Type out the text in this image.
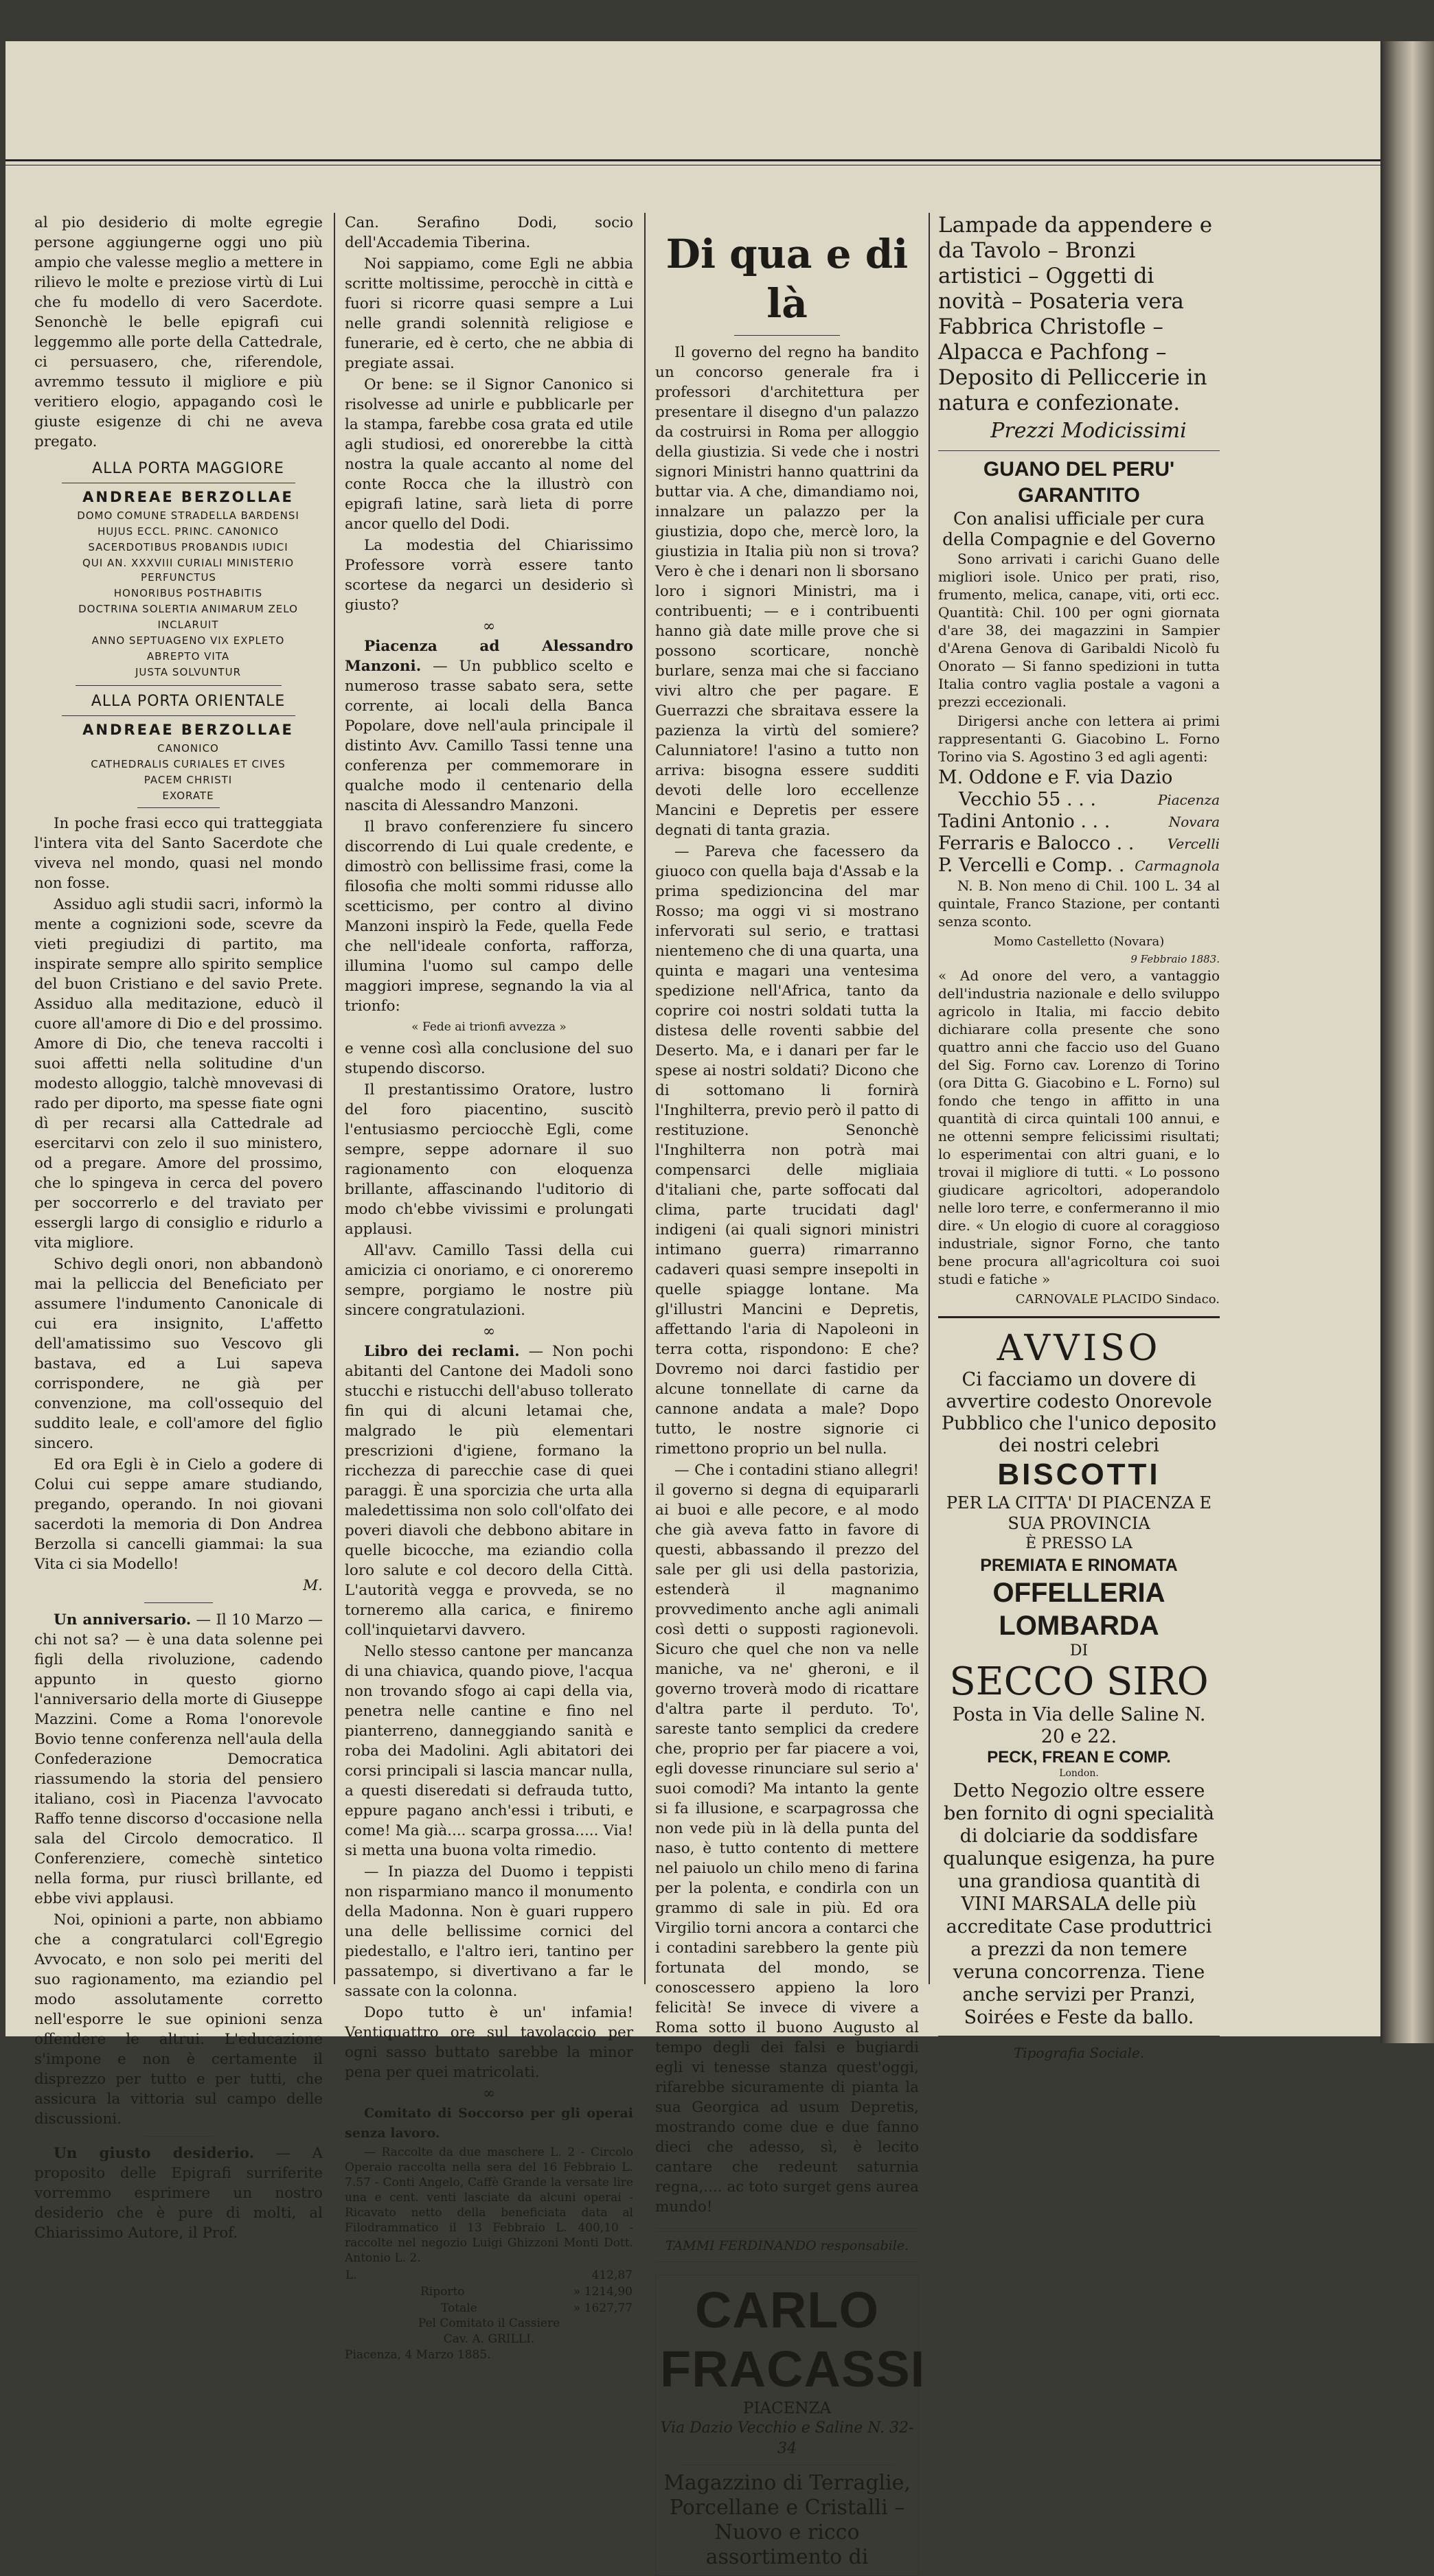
al pio desiderio di molte egregie persone aggiungerne oggi uno più ampio che valesse meglio a mettere in rilievo le molte e preziose virtù di Lui che fu modello di vero Sacerdote. Senonchè le belle epigrafi cui leggemmo alle porte della Cattedrale, ci persuasero, che, riferendole, avremmo tessuto il migliore e più veritiero elogio, appagando così le giuste esigenze di chi ne aveva pregato.

ALLA PORTA MAGGIORE

ANDREAE BERZOLLAE

DOMO COMUNE STRADELLA BARDENSI

HUJUS ECCL. PRINC. CANONICO

SACERDOTIBUS PROBANDIS IUDICI

QUI AN. XXXVIII CURIALI MINISTERIO PERFUNCTUS

HONORIBUS POSTHABITIS

DOCTRINA SOLERTIA ANIMARUM ZELO

INCLARUIT

ANNO SEPTUAGENO VIX EXPLETO

ABREPTO VITA

JUSTA SOLVUNTUR

ALLA PORTA ORIENTALE

ANDREAE BERZOLLAE

CANONICO

CATHEDRALIS CURIALES ET CIVES

PACEM CHRISTI

EXORATE

In poche frasi ecco qui tratteggiata l'intera vita del Santo Sacerdote che viveva nel mondo, quasi nel mondo non fosse.

Assiduo agli studii sacri, informò la mente a cognizioni sode, scevre da vieti pregiudizi di partito, ma inspirate sempre allo spirito semplice del buon Cristiano e del savio Prete. Assiduo alla meditazione, educò il cuore all'amore di Dio e del prossimo. Amore di Dio, che teneva raccolti i suoi affetti nella solitudine d'un modesto alloggio, talchè mnovevasi di rado per diporto, ma spesse fiate ogni dì per recarsi alla Cattedrale ad esercitarvi con zelo il suo ministero, od a pregare. Amore del prossimo, che lo spingeva in cerca del povero per soccorrerlo e del traviato per essergli largo di consiglio e ridurlo a vita migliore.

Schivo degli onori, non abbandonò mai la pelliccia del Beneficiato per assumere l'indumento Canonicale di cui era insignito, L'affetto dell'amatissimo suo Vescovo gli bastava, ed a Lui sapeva corrispondere, ne già per convenzione, ma coll'ossequio del suddito leale, e coll'amore del figlio sincero.

Ed ora Egli è in Cielo a godere di Colui cui seppe amare studiando, pregando, operando. In noi giovani sacerdoti la memoria di Don Andrea Berzolla si cancelli giammai: la sua Vita ci sia Modello!

M.

Un anniversario. — Il 10 Marzo — chi not sa? — è una data solenne pei figli della rivoluzione, cadendo appunto in questo giorno l'anniversario della morte di Giuseppe Mazzini. Come a Roma l'onorevole Bovio tenne conferenza nell'aula della Confederazione Democratica riassumendo la storia del pensiero italiano, così in Piacenza l'avvocato Raffo tenne discorso d'occasione nella sala del Circolo democratico. Il Conferenziere, comechè sintetico nella forma, pur riuscì brillante, ed ebbe vivi applausi.

Noi, opinioni a parte, non abbiamo che a congratularci coll'Egregio Avvocato, e non solo pei meriti del suo ragionamento, ma eziandio pel modo assolutamente corretto nell'esporre le sue opinioni senza offendere le altrui. L'educazione s'impone e non è certamente il disprezzo per tutto e per tutti, che assicura la vittoria sul campo delle discussioni.

Un giusto desiderio. — A proposito delle Epigrafi surriferite vorremmo esprimere un nostro desiderio che è pure di molti, al Chiarissimo Autore, il Prof.

Can. Serafino Dodi, socio dell'Accademia Tiberina.

Noi sappiamo, come Egli ne abbia scritte moltissime, perocchè in città e fuori si ricorre quasi sempre a Lui nelle grandi solennità religiose e funerarie, ed è certo, che ne abbia di pregiate assai.

Or bene: se il Signor Canonico si risolvesse ad unirle e pubblicarle per la stampa, farebbe cosa grata ed utile agli studiosi, ed onorerebbe la città nostra la quale accanto al nome del conte Rocca che la illustrò con epigrafi latine, sarà lieta di porre ancor quello del Dodi.

La modestia del Chiarissimo Professore vorrà essere tanto scortese da negarci un desiderio sì giusto?

∞

Piacenza ad Alessandro Manzoni. — Un pubblico scelto e numeroso trasse sabato sera, sette corrente, ai locali della Banca Popolare, dove nell'aula principale il distinto Avv. Camillo Tassi tenne una conferenza per commemorare in qualche modo il centenario della nascita di Alessandro Manzoni.

Il bravo conferenziere fu sincero discorrendo di Lui quale credente, e dimostrò con bellissime frasi, come la filosofia che molti sommi ridusse allo scetticismo, per contro al divino Manzoni inspirò la Fede, quella Fede che nell'ideale conforta, rafforza, illumina l'uomo sul campo delle maggiori imprese, segnando la via al trionfo:

« Fede ai trionfi avvezza »

e venne così alla conclusione del suo stupendo discorso.

Il prestantissimo Oratore, lustro del foro piacentino, suscitò l'entusiasmo perciocchè Egli, come sempre, seppe adornare il suo ragionamento con eloquenza brillante, affascinando l'uditorio di modo ch'ebbe vivissimi e prolungati applausi.

All'avv. Camillo Tassi della cui amicizia ci onoriamo, e ci onoreremo sempre, porgiamo le nostre più sincere congratulazioni.

∞

Libro dei reclami. — Non pochi abitanti del Cantone dei Madoli sono stucchi e ristucchi dell'abuso tollerato fin qui di alcuni letamai che, malgrado le più elementari prescrizioni d'igiene, formano la ricchezza di parecchie case di quei paraggi. È una sporcizia che urta alla maledettissima non solo coll'olfato dei poveri diavoli che debbono abitare in quelle bicocche, ma eziandio colla loro salute e col decoro della Città. L'autorità vegga e provveda, se no torneremo alla carica, e finiremo coll'inquietarvi davvero.

Nello stesso cantone per mancanza di una chiavica, quando piove, l'acqua non trovando sfogo ai capi della via, penetra nelle cantine e fino nel pianterreno, danneggiando sanità e roba dei Madolini. Agli abitatori dei corsi principali si lascia mancar nulla, a questi diseredati si defrauda tutto, eppure pagano anch'essi i tributi, e come! Ma già.... scarpa grossa..... Via! si metta una buona volta rimedio.

— In piazza del Duomo i teppisti non risparmiano manco il monumento della Madonna. Non è guari ruppero una delle bellissime cornici del piedestallo, e l'altro ieri, tantino per passatempo, si divertivano a far le sassate con la colonna.

Dopo tutto è un' infamia! Ventiquattro ore sul tavolaccio per ogni sasso buttato sarebbe la minor pena per quei matricolati.

∞

Comitato di Soccorso per gli operai senza lavoro.

— Raccolte da due maschere L. 2 - Circolo Operaio raccolta nella sera del 16 Febbraio L. 7.57 - Conti Angelo, Caffè Grande la versate lire una e cent. venti lasciate da alcuni operai - Ricavato netto della beneficiata data al Filodrammatico il 13 Febbraio L. 400,10 - raccolte nel negozio Luigi Ghizzoni Monti Dott. Antonio L. 2.

L.	412,87
Riporto	» 1214,90
Totale	» 1627,77

Pel Comitato il Cassiere

Cav. A. GRILLI.

Piacenza, 4 Marzo 1885.

Di qua e di là

Il governo del regno ha bandito un concorso generale fra i professori d'architettura per presentare il disegno d'un palazzo da costruirsi in Roma per alloggio della giustizia. Si vede che i nostri signori Ministri hanno quattrini da buttar via. A che, dimandiamo noi, innalzare un palazzo per la giustizia, dopo che, mercè loro, la giustizia in Italia più non si trova? Vero è che i denari non li sborsano loro i signori Ministri, ma i contribuenti; — e i contribuenti hanno già date mille prove che si possono scorticare, nonchè burlare, senza mai che si facciano vivi altro che per pagare. E Guerrazzi che sbraitava essere la pazienza la virtù del somiere? Calunniatore! l'asino a tutto non arriva: bisogna essere sudditi devoti delle loro eccellenze Mancini e Depretis per essere degnati di tanta grazia.

— Pareva che facessero da giuoco con quella baja d'Assab e la prima spedizioncina del mar Rosso; ma oggi vi si mostrano infervorati sul serio, e trattasi nientemeno che di una quarta, una quinta e magari una ventesima spedizione nell'Africa, tanto da coprire coi nostri soldati tutta la distesa delle roventi sabbie del Deserto. Ma, e i danari per far le spese ai nostri soldati? Dicono che di sottomano li fornirà l'Inghilterra, previo però il patto di restituzione. Senonchè l'Inghilterra non potrà mai compensarci delle migliaia d'italiani che, parte soffocati dal clima, parte trucidati dagl' indigeni (ai quali signori ministri intimano guerra) rimarranno cadaveri quasi sempre insepolti in quelle spiagge lontane. Ma gl'illustri Mancini e Depretis, affettando l'aria di Napoleoni in terra cotta, rispondono: E che? Dovremo noi darci fastidio per alcune tonnellate di carne da cannone andata a male? Dopo tutto, le nostre signorie ci rimettono proprio un bel nulla.

— Che i contadini stiano allegri! il governo si degna di equipararli ai buoi e alle pecore, e al modo che già aveva fatto in favore di questi, abbassando il prezzo del sale per gli usi della pastorizia, estenderà il magnanimo provvedimento anche agli animali così detti o supposti ragionevoli. Sicuro che quel che non va nelle maniche, va ne' gheroni, e il governo troverà modo di ricattare d'altra parte il perduto. To', sareste tanto semplici da credere che, proprio per far piacere a voi, egli dovesse rinunciare sul serio a' suoi comodi? Ma intanto la gente si fa illusione, e scarpagrossa che non vede più in là della punta del naso, è tutto contento di mettere nel paiuolo un chilo meno di farina per la polenta, e condirla con un grammo di sale in più. Ed ora Virgilio torni ancora a contarci che i contadini sarebbero la gente più fortunata del mondo, se conoscessero appieno la loro felicità! Se invece di vivere a Roma sotto il buono Augusto al tempo degli dei falsi e bugiardi egli vi tenesse stanza quest'oggi, rifarebbe sicuramente di pianta la sua Georgica ad usum Depretis, mostrando come due e due fanno dieci che adesso, sì, è lecito cantare che redeunt saturnia regna,.... ac toto surget gens aurea mundo!

TAMMI FERDINANDO responsabile.

CARLO FRACASSI
PIACENZA
Via Dazio Vecchio e Saline N. 32-34
Magazzino di Terraglie, Porcellane e Cristalli – Nuovo e ricco assortimento di

Lampade da appendere e da Tavolo – Bronzi artistici – Oggetti di novità – Posateria vera Fabbrica Christofle – Alpacca e Pachfong – Deposito di Pelliccerie in natura e confezionate.

Prezzi Modicissimi

GUANO DEL PERU' GARANTITO
Con analisi ufficiale per cura della Compagnie e del Governo

Sono arrivati i carichi Guano delle migliori isole. Unico per prati, riso, frumento, melica, canape, viti, orti ecc. Quantità: Chil. 100 per ogni giornata d'are 38, dei magazzini in Sampier d'Arena Genova di Garibaldi Nicolò fu Onorato — Si fanno spedizioni in tutta Italia contro vaglia postale a vagoni a prezzi eccezionali.

Dirigersi anche con lettera ai primi rappresentanti G. Giacobino L. Forno Torino via S. Agostino 3 ed agli agenti:

M. Oddone e F. via Dazio	
Vecchio 55 . . .	Piacenza
Tadini Antonio . . .	Novara
Ferraris e Balocco . .	Vercelli
P. Vercelli e Comp. .	Carmagnola

N. B. Non meno di Chil. 100 L. 34 al quintale, Franco Stazione, per contanti senza sconto.

Momo Castelletto (Novara)

9 Febbraio 1883.

« Ad onore del vero, a vantaggio dell'industria nazionale e dello sviluppo agricolo in Italia, mi faccio debito dichiarare colla presente che sono quattro anni che faccio uso del Guano del Sig. Forno cav. Lorenzo di Torino (ora Ditta G. Giacobino e L. Forno) sul fondo che tengo in affitto in una quantità di circa quintali 100 annui, e ne ottenni sempre felicissimi risultati; lo esperimentai con altri guani, e lo trovai il migliore di tutti. « Lo possono giudicare agricoltori, adoperandolo nelle loro terre, e confermeranno il mio dire. « Un elogio di cuore al coraggioso industriale, signor Forno, che tanto bene procura all'agricoltura coi suoi studi e fatiche »

CARNOVALE PLACIDO Sindaco.

AVVISO
Ci facciamo un dovere di avvertire codesto Onorevole Pubblico che l'unico deposito dei nostri celebri
BISCOTTI
PER LA CITTA' DI PIACENZA E SUA PROVINCIA
È PRESSO LA
PREMIATA E RINOMATA
OFFELLERIA LOMBARDA
DI
SECCO SIRO
Posta in Via delle Saline N. 20 e 22.
PECK, FREAN E COMP.
London.
Detto Negozio oltre essere ben fornito di ogni specialità di dolciarie da soddisfare qualunque esigenza, ha pure una grandiosa quantità di VINI MARSALA delle più accreditate Case produttrici a prezzi da non temere veruna concorrenza. Tiene anche servizi per Pranzi, Soirées e Feste da ballo.
Tipografia Sociale.
